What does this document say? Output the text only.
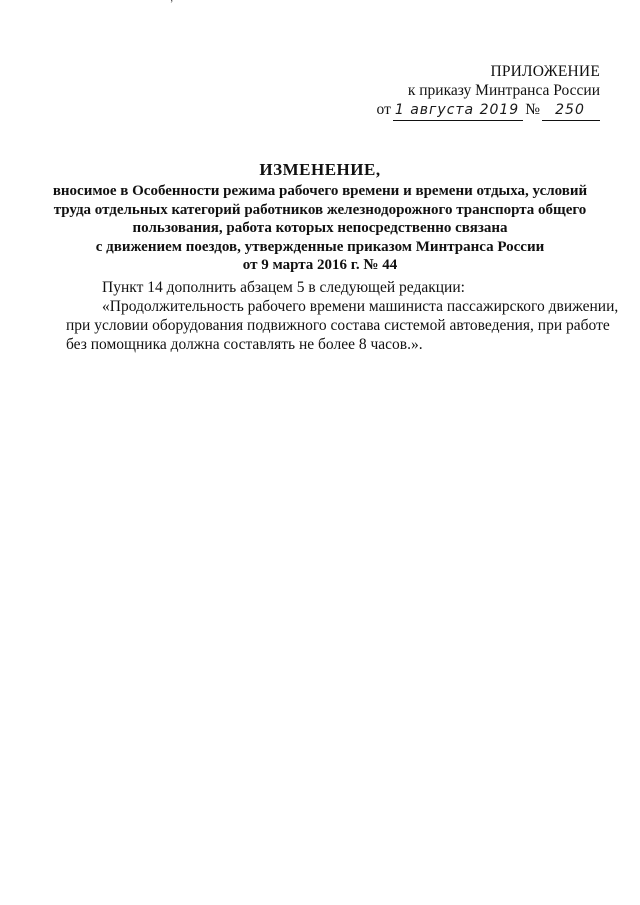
ʼ
ПРИЛОЖЕНИЕ
к приказу Минтранса России
от 1 августа 2019 №	250
ИЗМЕНЕНИЕ,
вносимое в Особенности режима рабочего времени и времени отдыха, условий
труда отдельных категорий работников железнодорожного транспорта общего
пользования, работа которых непосредственно связана
с движением поездов, утвержденные приказом Минтранса России
от 9 марта 2016 г. № 44
Пункт 14 дополнить абзацем 5 в следующей редакции:
«Продолжительность рабочего времени машиниста пассажирского движении,
при условии оборудования подвижного состава системой автоведения, при работе
без помощника должна составлять не более 8 часов.».
